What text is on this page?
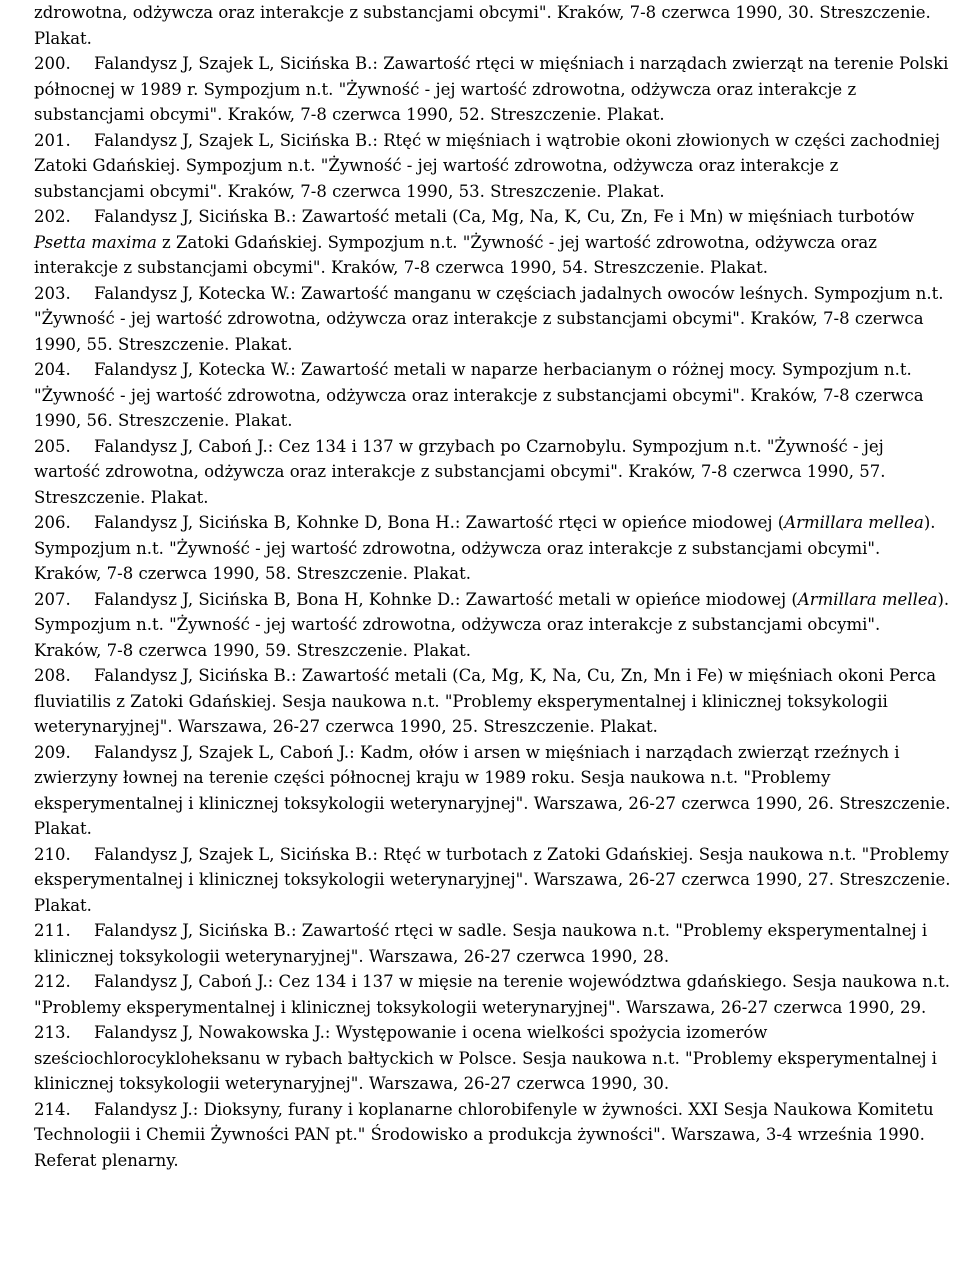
zdrowotna, odżywcza oraz interakcje z substancjami obcymi". Kraków, 7-8 czerwca 1990, 30. Streszczenie. Plakat.

200. Falandysz J, Szajek L, Sicińska B.: Zawartość rtęci w mięśniach i narządach zwierząt na terenie Polski północnej w 1989 r. Sympozjum n.t. "Żywność - jej wartość zdrowotna, odżywcza oraz interakcje z substancjami obcymi". Kraków, 7-8 czerwca 1990, 52. Streszczenie. Plakat.

201. Falandysz J, Szajek L, Sicińska B.: Rtęć w mięśniach i wątrobie okoni złowionych w części zachodniej Zatoki Gdańskiej. Sympozjum n.t. "Żywność - jej wartość zdrowotna, odżywcza oraz interakcje z substancjami obcymi". Kraków, 7-8 czerwca 1990, 53. Streszczenie. Plakat.

202. Falandysz J, Sicińska B.: Zawartość metali (Ca, Mg, Na, K, Cu, Zn, Fe i Mn) w mięśniach turbotów Psetta maxima z Zatoki Gdańskiej. Sympozjum n.t. "Żywność - jej wartość zdrowotna, odżywcza oraz interakcje z substancjami obcymi". Kraków, 7-8 czerwca 1990, 54. Streszczenie. Plakat.

203. Falandysz J, Kotecka W.: Zawartość manganu w częściach jadalnych owoców leśnych. Sympozjum n.t. "Żywność - jej wartość zdrowotna, odżywcza oraz interakcje z substancjami obcymi". Kraków, 7-8 czerwca 1990, 55. Streszczenie. Plakat.

204. Falandysz J, Kotecka W.: Zawartość metali w naparze herbacianym o różnej mocy. Sympozjum n.t. "Żywność - jej wartość zdrowotna, odżywcza oraz interakcje z substancjami obcymi". Kraków, 7-8 czerwca 1990, 56. Streszczenie. Plakat.

205. Falandysz J, Caboń J.: Cez 134 i 137 w grzybach po Czarnobylu. Sympozjum n.t. "Żywność - jej wartość zdrowotna, odżywcza oraz interakcje z substancjami obcymi". Kraków, 7-8 czerwca 1990, 57. Streszczenie. Plakat.

206. Falandysz J, Sicińska B, Kohnke D, Bona H.: Zawartość rtęci w opieńce miodowej (Armillara mellea). Sympozjum n.t. "Żywność - jej wartość zdrowotna, odżywcza oraz interakcje z substancjami obcymi". Kraków, 7-8 czerwca 1990, 58. Streszczenie. Plakat.

207. Falandysz J, Sicińska B, Bona H, Kohnke D.: Zawartość metali w opieńce miodowej (Armillara mellea). Sympozjum n.t. "Żywność - jej wartość zdrowotna, odżywcza oraz interakcje z substancjami obcymi". Kraków, 7-8 czerwca 1990, 59. Streszczenie. Plakat.

208. Falandysz J, Sicińska B.: Zawartość metali (Ca, Mg, K, Na, Cu, Zn, Mn i Fe) w mięśniach okoni Perca fluviatilis z Zatoki Gdańskiej. Sesja naukowa n.t. "Problemy eksperymentalnej i klinicznej toksykologii weterynaryjnej". Warszawa, 26-27 czerwca 1990, 25. Streszczenie. Plakat.

209. Falandysz J, Szajek L, Caboń J.: Kadm, ołów i arsen w mięśniach i narządach zwierząt rzeźnych i zwierzyny łownej na terenie części północnej kraju w 1989 roku. Sesja naukowa n.t. "Problemy eksperymentalnej i klinicznej toksykologii weterynaryjnej". Warszawa, 26-27 czerwca 1990, 26. Streszczenie. Plakat.

210. Falandysz J, Szajek L, Sicińska B.: Rtęć w turbotach z Zatoki Gdańskiej. Sesja naukowa n.t. "Problemy eksperymentalnej i klinicznej toksykologii weterynaryjnej". Warszawa, 26-27 czerwca 1990, 27. Streszczenie. Plakat.

211. Falandysz J, Sicińska B.: Zawartość rtęci w sadle. Sesja naukowa n.t. "Problemy eksperymentalnej i klinicznej toksykologii weterynaryjnej". Warszawa, 26-27 czerwca 1990, 28.

212. Falandysz J, Caboń J.: Cez 134 i 137 w mięsie na terenie województwa gdańskiego. Sesja naukowa n.t. "Problemy eksperymentalnej i klinicznej toksykologii weterynaryjnej". Warszawa, 26-27 czerwca 1990, 29.

213. Falandysz J, Nowakowska J.: Występowanie i ocena wielkości spożycia izomerów sześciochlorocykloheksanu w rybach bałtyckich w Polsce. Sesja naukowa n.t. "Problemy eksperymentalnej i klinicznej toksykologii weterynaryjnej". Warszawa, 26-27 czerwca 1990, 30.

214. Falandysz J.: Dioksyny, furany i koplanarne chlorobifenyle w żywności. XXI Sesja Naukowa Komitetu Technologii i Chemii Żywności PAN pt." Środowisko a produkcja żywności". Warszawa, 3-4 września 1990. Referat plenarny.
